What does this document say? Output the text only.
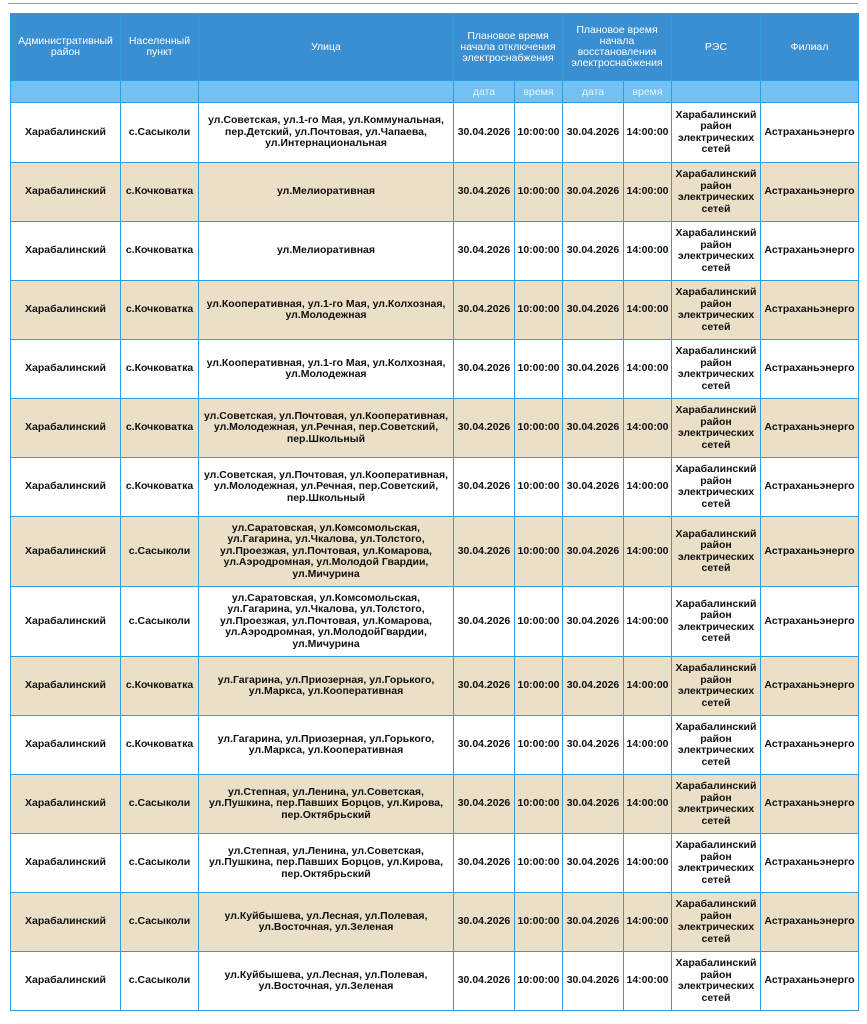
Административный район	Населенный пункт	Улица	Плановое время начала отключения электроснабжения		Плановое время начала восстановления электроснабжения		РЭС	Филиал
			дата	время	дата	время		
Харабалинский	с.Сасыколи	ул.Советская, ул.1-го Мая, ул.Коммунальная, пер.Детский, ул.Почтовая, ул.Чапаева, ул.Интернациональная	30.04.2026	10:00:00	30.04.2026	14:00:00	Харабалинский район электрических сетей	Астраханьэнерго
Харабалинский	с.Кочковатка	ул.Мелиоративная	30.04.2026	10:00:00	30.04.2026	14:00:00	Харабалинский район электрических сетей	Астраханьэнерго
Харабалинский	с.Кочковатка	ул.Мелиоративная	30.04.2026	10:00:00	30.04.2026	14:00:00	Харабалинский район электрических сетей	Астраханьэнерго
Харабалинский	с.Кочковатка	ул.Кооперативная, ул.1-го Мая, ул.Колхозная, ул.Молодежная	30.04.2026	10:00:00	30.04.2026	14:00:00	Харабалинский район электрических сетей	Астраханьэнерго
Харабалинский	с.Кочковатка	ул.Кооперативная, ул.1-го Мая, ул.Колхозная, ул.Молодежная	30.04.2026	10:00:00	30.04.2026	14:00:00	Харабалинский район электрических сетей	Астраханьэнерго
Харабалинский	с.Кочковатка	ул.Советская, ул.Почтовая, ул.Кооперативная, ул.Молодежная, ул.Речная, пер.Советский, пер.Школьный	30.04.2026	10:00:00	30.04.2026	14:00:00	Харабалинский район электрических сетей	Астраханьэнерго
Харабалинский	с.Кочковатка	ул.Советская, ул.Почтовая, ул.Кооперативная, ул.Молодежная, ул.Речная, пер.Советский, пер.Школьный	30.04.2026	10:00:00	30.04.2026	14:00:00	Харабалинский район электрических сетей	Астраханьэнерго
Харабалинский	с.Сасыколи	ул.Саратовская, ул.Комсомольская, ул.Гагарина, ул.Чкалова, ул.Толстого, ул.Проезжая, ул.Почтовая, ул.Комарова, ул.Аэродромная, ул.Молодой Гвардии, ул.Мичурина	30.04.2026	10:00:00	30.04.2026	14:00:00	Харабалинский район электрических сетей	Астраханьэнерго
Харабалинский	с.Сасыколи	ул.Саратовская, ул.Комсомольская, ул.Гагарина, ул.Чкалова, ул.Толстого, ул.Проезжая, ул.Почтовая, ул.Комарова, ул.Аэродромная, ул.МолодойГвардии, ул.Мичурина	30.04.2026	10:00:00	30.04.2026	14:00:00	Харабалинский район электрических сетей	Астраханьэнерго
Харабалинский	с.Кочковатка	ул.Гагарина, ул.Приозерная, ул.Горького, ул.Маркса, ул.Кооперативная	30.04.2026	10:00:00	30.04.2026	14:00:00	Харабалинский район электрических сетей	Астраханьэнерго
Харабалинский	с.Кочковатка	ул.Гагарина, ул.Приозерная, ул.Горького, ул.Маркса, ул.Кооперативная	30.04.2026	10:00:00	30.04.2026	14:00:00	Харабалинский район электрических сетей	Астраханьэнерго
Харабалинский	с.Сасыколи	ул.Степная, ул.Ленина, ул.Советская, ул.Пушкина, пер.Павших Борцов, ул.Кирова, пер.Октябрьский	30.04.2026	10:00:00	30.04.2026	14:00:00	Харабалинский район электрических сетей	Астраханьэнерго
Харабалинский	с.Сасыколи	ул.Степная, ул.Ленина, ул.Советская, ул.Пушкина, пер.Павших Борцов, ул.Кирова, пер.Октябрьский	30.04.2026	10:00:00	30.04.2026	14:00:00	Харабалинский район электрических сетей	Астраханьэнерго
Харабалинский	с.Сасыколи	ул.Куйбышева, ул.Лесная, ул.Полевая, ул.Восточная, ул.Зеленая	30.04.2026	10:00:00	30.04.2026	14:00:00	Харабалинский район электрических сетей	Астраханьэнерго
Харабалинский	с.Сасыколи	ул.Куйбышева, ул.Лесная, ул.Полевая, ул.Восточная, ул.Зеленая	30.04.2026	10:00:00	30.04.2026	14:00:00	Харабалинский район электрических сетей	Астраханьэнерго
